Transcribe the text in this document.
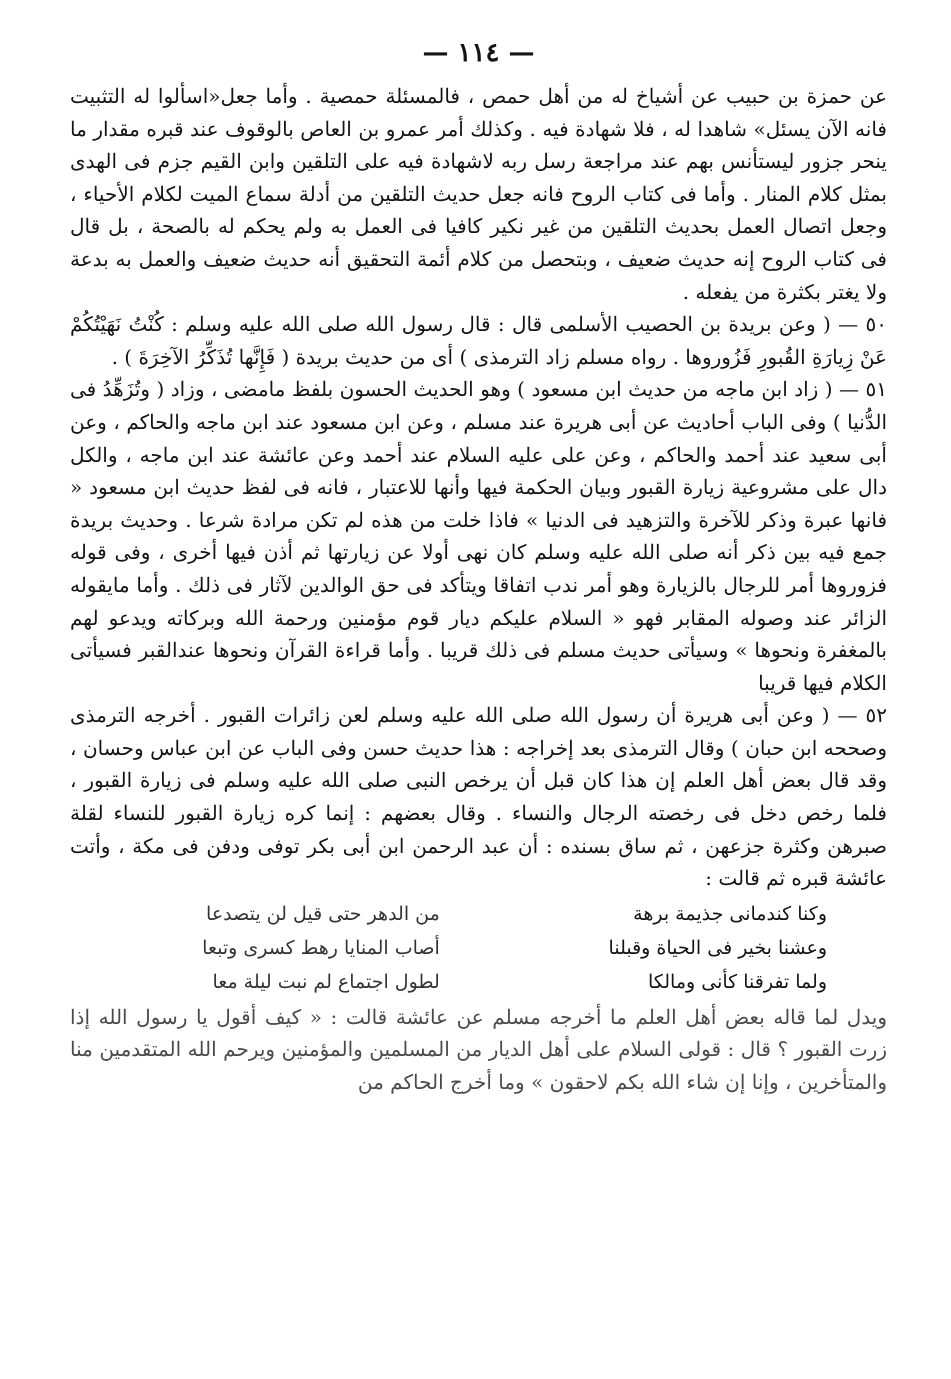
— ١١٤ —

عن حمزة بن حبيب عن أشياخ له من أهل حمص ، فالمسئلة حمصية . وأما جعل«اسألوا له التثبيت فانه الآن يسئل» شاهدا له ، فلا شهادة فيه . وكذلك أمر عمرو بن العاص بالوقوف عند قبره مقدار ما ينحر جزور ليستأنس بهم عند مراجعة رسل ربه لاشهادة فيه على التلقين وابن القيم جزم فى الهدى بمثل كلام المنار . وأما فى كتاب الروح فانه جعل حديث التلقين من أدلة سماع الميت لكلام الأحياء ، وجعل اتصال العمل بحديث التلقين من غير نكير كافيا فى العمل به ولم يحكم له بالصحة ، بل قال فى كتاب الروح إنه حديث ضعيف ، وبتحصل من كلام أئمة التحقيق أنه حديث ضعيف والعمل به بدعة ولا يغتر بكثرة من يفعله .

٥٠ — ( وعن بريدة بن الحصيب الأسلمى قال : قال رسول الله صلى الله عليه وسلم : كُنْتُ نَهَيْتُكُمْ عَنْ زِيارَةِ القُبورِ فَزُوروها . رواه مسلم زاد الترمذى ) أى من حديث بريدة ( فَإِنَّها تُذَكِّرُ الآخِرَةَ ) .

٥١ — ( زاد ابن ماجه من حديث ابن مسعود ) وهو الحديث الحسون بلفظ مامضى ، وزاد ( وتُزَهِّدُ فى الدُّنيا ) وفى الباب أحاديث عن أبى هريرة عند مسلم ، وعن ابن مسعود عند ابن ماجه والحاكم ، وعن أبى سعيد عند أحمد والحاكم ، وعن على عليه السلام عند أحمد وعن عائشة عند ابن ماجه ، والكل دال على مشروعية زيارة القبور وبيان الحكمة فيها وأنها للاعتبار ، فانه فى لفظ حديث ابن مسعود « فانها عبرة وذكر للآخرة والتزهيد فى الدنيا » فاذا خلت من هذه لم تكن مرادة شرعا . وحديث بريدة جمع فيه بين ذكر أنه صلى الله عليه وسلم كان نهى أولا عن زيارتها ثم أذن فيها أخرى ، وفى قوله فزوروها أمر للرجال بالزيارة وهو أمر ندب اتفاقا ويتأكد فى حق الوالدين لآثار فى ذلك . وأما مايقوله الزائر عند وصوله المقابر فهو « السلام عليكم ديار قوم مؤمنين ورحمة الله وبركاته ويدعو لهم بالمغفرة ونحوها » وسيأتى حديث مسلم فى ذلك قريبا . وأما قراءة القرآن ونحوها عندالقبر فسيأتى الكلام فيها قريبا

٥٢ — ( وعن أبى هريرة أن رسول الله صلى الله عليه وسلم لعن زائرات القبور . أخرجه الترمذى وصححه ابن حبان ) وقال الترمذى بعد إخراجه : هذا حديث حسن وفى الباب عن ابن عباس وحسان ، وقد قال بعض أهل العلم إن هذا كان قبل أن يرخص النبى صلى الله عليه وسلم فى زيارة القبور ، فلما رخص دخل فى رخصته الرجال والنساء . وقال بعضهم : إنما كره زيارة القبور للنساء لقلة صبرهن وكثرة جزعهن ، ثم ساق بسنده : أن عبد الرحمن ابن أبى بكر توفى ودفن فى مكة ، وأتت عائشة قبره ثم قالت :

وكنا كندمانى جذيمة برهة
من الدهر حتى قيل لن يتصدعا
وعشنا بخير فى الحياة وقبلنا
أصاب المنايا رهط كسرى وتبعا
ولما تفرقنا كأنى ومالكا
لطول اجتماع لم نبت ليلة معا

ويدل لما قاله بعض أهل العلم ما أخرجه مسلم عن عائشة قالت : « كيف أقول يا رسول الله إذا زرت القبور ؟ قال : قولى السلام على أهل الديار من المسلمين والمؤمنين ويرحم الله المتقدمين منا والمتأخرين ، وإنا إن شاء الله بكم لاحقون » وما أخرج الحاكم من
